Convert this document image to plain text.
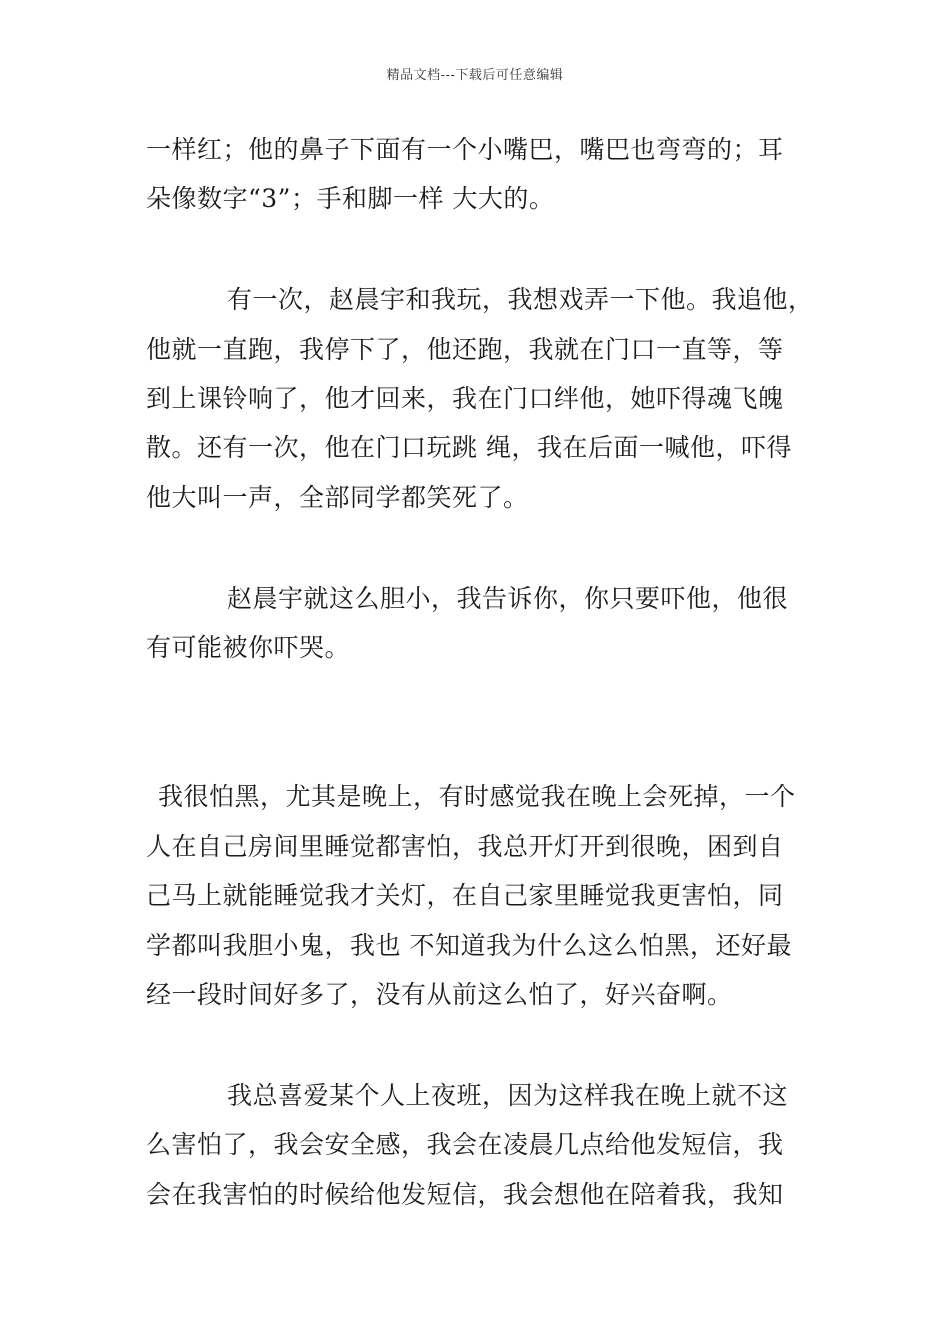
精品文档---下载后可任意编辑
一样红；他的鼻子下面有一个小嘴巴，嘴巴也弯弯的；耳
朵像数字“3”；手和脚一样 大大的。
有一次，赵晨宇和我玩，我想戏弄一下他。我追他，
他就一直跑，我停下了，他还跑，我就在门口一直等，等
到上课铃响了，他才回来，我在门口绊他，她吓得魂飞魄
散。还有一次，他在门口玩跳 绳，我在后面一喊他，吓得
他大叫一声，全部同学都笑死了。
赵晨宇就这么胆小，我告诉你，你只要吓他，他很
有可能被你吓哭。
我很怕黑，尤其是晚上，有时感觉我在晚上会死掉，一个
人在自己房间里睡觉都害怕，我总开灯开到很晚，困到自
己马上就能睡觉我才关灯，在自己家里睡觉我更害怕，同
学都叫我胆小鬼，我也 不知道我为什么这么怕黑，还好最
经一段时间好多了，没有从前这么怕了，好兴奋啊。
我总喜爱某个人上夜班，因为这样我在晚上就不这
么害怕了，我会安全感，我会在凌晨几点给他发短信，我
会在我害怕的时候给他发短信，我会想他在陪着我，我知
